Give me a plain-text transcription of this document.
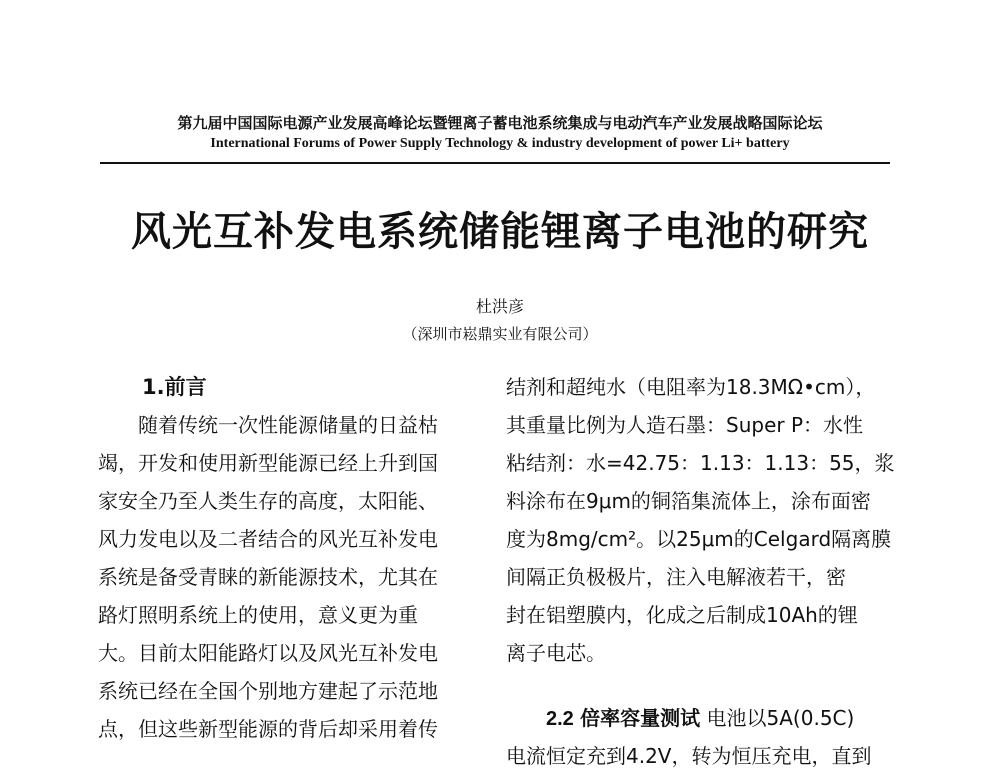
第九届中国国际电源产业发展高峰论坛暨锂离子蓄电池系统集成与电动汽车产业发展战略国际论坛
International Forums of Power Supply Technology & industry development of power Li+ battery
风光互补发电系统储能锂离子电池的研究
杜洪彦
（深圳市崧鼎实业有限公司）
1.前言
　　随着传统一次性能源储量的日益枯
竭，开发和使用新型能源已经上升到国
家安全乃至人类生存的高度，太阳能、
风力发电以及二者结合的风光互补发电
系统是备受青睐的新能源技术，尤其在
路灯照明系统上的使用，意义更为重
大。目前太阳能路灯以及风光互补发电
系统已经在全国个别地方建起了示范地
点，但这些新型能源的背后却采用着传
结剂和超纯水（电阻率为18.3MΩ•cm），
其重量比例为人造石墨：Super P：水性
粘结剂：水=42.75：1.13：1.13：55，浆
料涂布在9μm的铜箔集流体上，涂布面密
度为8mg/cm²。以25μm的Celgard隔离膜
间隔正负极极片，注入电解液若干，密
封在铝塑膜内，化成之后制成10Ah的锂
离子电芯。
　　2.2 倍率容量测试 电池以5A(0.5C)
电流恒定充到4.2V，转为恒压充电，直到
